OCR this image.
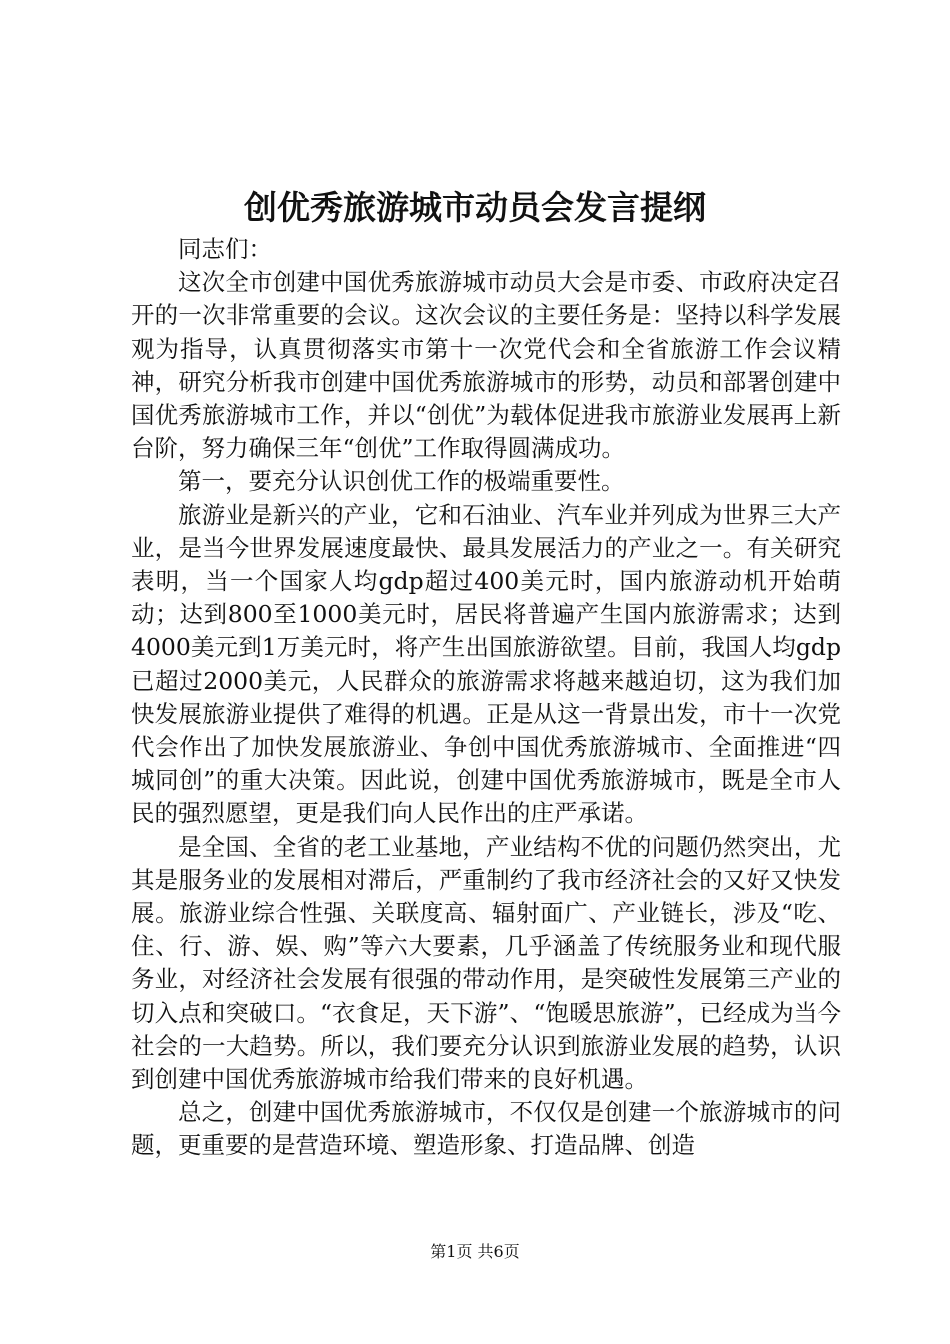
创优秀旅游城市动员会发言提纲

同志们：

这次全市创建中国优秀旅游城市动员大会是市委、市政府决定召开的一次非常重要的会议。这次会议的主要任务是：坚持以科学发展观为指导，认真贯彻落实市第十一次党代会和全省旅游工作会议精神，研究分析我市创建中国优秀旅游城市的形势，动员和部署创建中国优秀旅游城市工作，并以“创优”为载体促进我市旅游业发展再上新台阶，努力确保三年“创优”工作取得圆满成功。

第一，要充分认识创优工作的极端重要性。

旅游业是新兴的产业，它和石油业、汽车业并列成为世界三大产业，是当今世界发展速度最快、最具发展活力的产业之一。有关研究表明，当一个国家人均gdp超过400美元时，国内旅游动机开始萌动；达到800至1000美元时，居民将普遍产生国内旅游需求；达到4000美元到1万美元时，将产生出国旅游欲望。目前，我国人均gdp已超过2000美元，人民群众的旅游需求将越来越迫切，这为我们加快发展旅游业提供了难得的机遇。正是从这一背景出发，市十一次党代会作出了加快发展旅游业、争创中国优秀旅游城市、全面推进“四城同创”的重大决策。因此说，创建中国优秀旅游城市，既是全市人民的强烈愿望，更是我们向人民作出的庄严承诺。

是全国、全省的老工业基地，产业结构不优的问题仍然突出，尤其是服务业的发展相对滞后，严重制约了我市经济社会的又好又快发展。旅游业综合性强、关联度高、辐射面广、产业链长，涉及“吃、住、行、游、娱、购”等六大要素，几乎涵盖了传统服务业和现代服务业，对经济社会发展有很强的带动作用，是突破性发展第三产业的切入点和突破口。“衣食足，天下游”、“饱暖思旅游”，已经成为当今社会的一大趋势。所以，我们要充分认识到旅游业发展的趋势，认识到创建中国优秀旅游城市给我们带来的良好机遇。

总之，创建中国优秀旅游城市，不仅仅是创建一个旅游城市的问题，更重要的是营造环境、塑造形象、打造品牌、创造

第1页 共6页
